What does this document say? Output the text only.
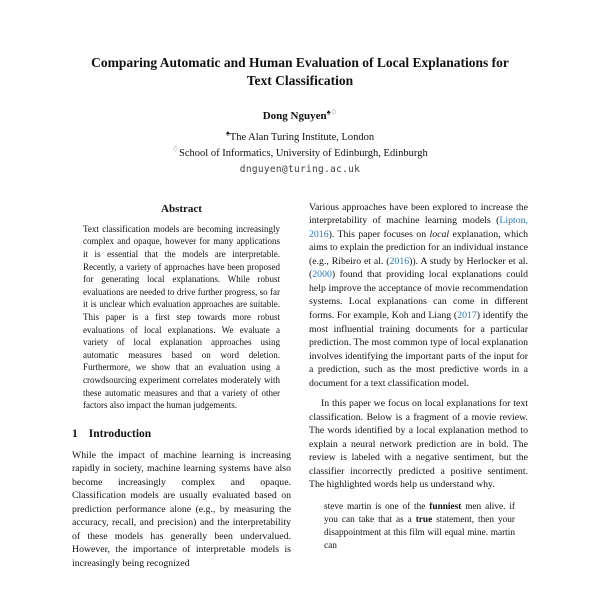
Comparing Automatic and Human Evaluation of Local Explanations for Text Classification
Dong Nguyen♠♢
♠The Alan Turing Institute, London
♢School of Informatics, University of Edinburgh, Edinburgh
dnguyen@turing.ac.uk
Abstract

Text classification models are becoming increasingly complex and opaque, however for many applications it is essential that the models are interpretable. Recently, a variety of approaches have been proposed for generating local explanations. While robust evaluations are needed to drive further progress, so far it is unclear which evaluation approaches are suitable. This paper is a first step towards more robust evaluations of local explanations. We evaluate a variety of local explanation approaches using automatic measures based on word deletion. Furthermore, we show that an evaluation using a crowdsourcing experiment correlates moderately with these automatic measures and that a variety of other factors also impact the human judgements.

1 Introduction

While the impact of machine learning is increasing rapidly in society, machine learning systems have also become increasingly complex and opaque. Classification models are usually evaluated based on prediction performance alone (e.g., by measuring the accuracy, recall, and precision) and the interpretability of these models has generally been undervalued. However, the importance of interpretable models is increasingly being recognized

Various approaches have been explored to increase the interpretability of machine learning models (Lipton, 2016). This paper focuses on local explanation, which aims to explain the prediction for an individual instance (e.g., Ribeiro et al. (2016)). A study by Herlocker et al. (2000) found that providing local explanations could help improve the acceptance of movie recommendation systems. Local explanations can come in different forms. For example, Koh and Liang (2017) identify the most influential training documents for a particular prediction. The most common type of local explanation involves identifying the important parts of the input for a prediction, such as the most predictive words in a document for a text classification model.

In this paper we focus on local explanations for text classification. Below is a fragment of a movie review. The words identified by a local explanation method to explain a neural network prediction are in bold. The review is labeled with a negative sentiment, but the classifier incorrectly predicted a positive sentiment. The highlighted words help us understand why.

steve martin is one of the funniest men alive. if you can take that as a true statement, then your disappointment at this film will equal mine. martin can
